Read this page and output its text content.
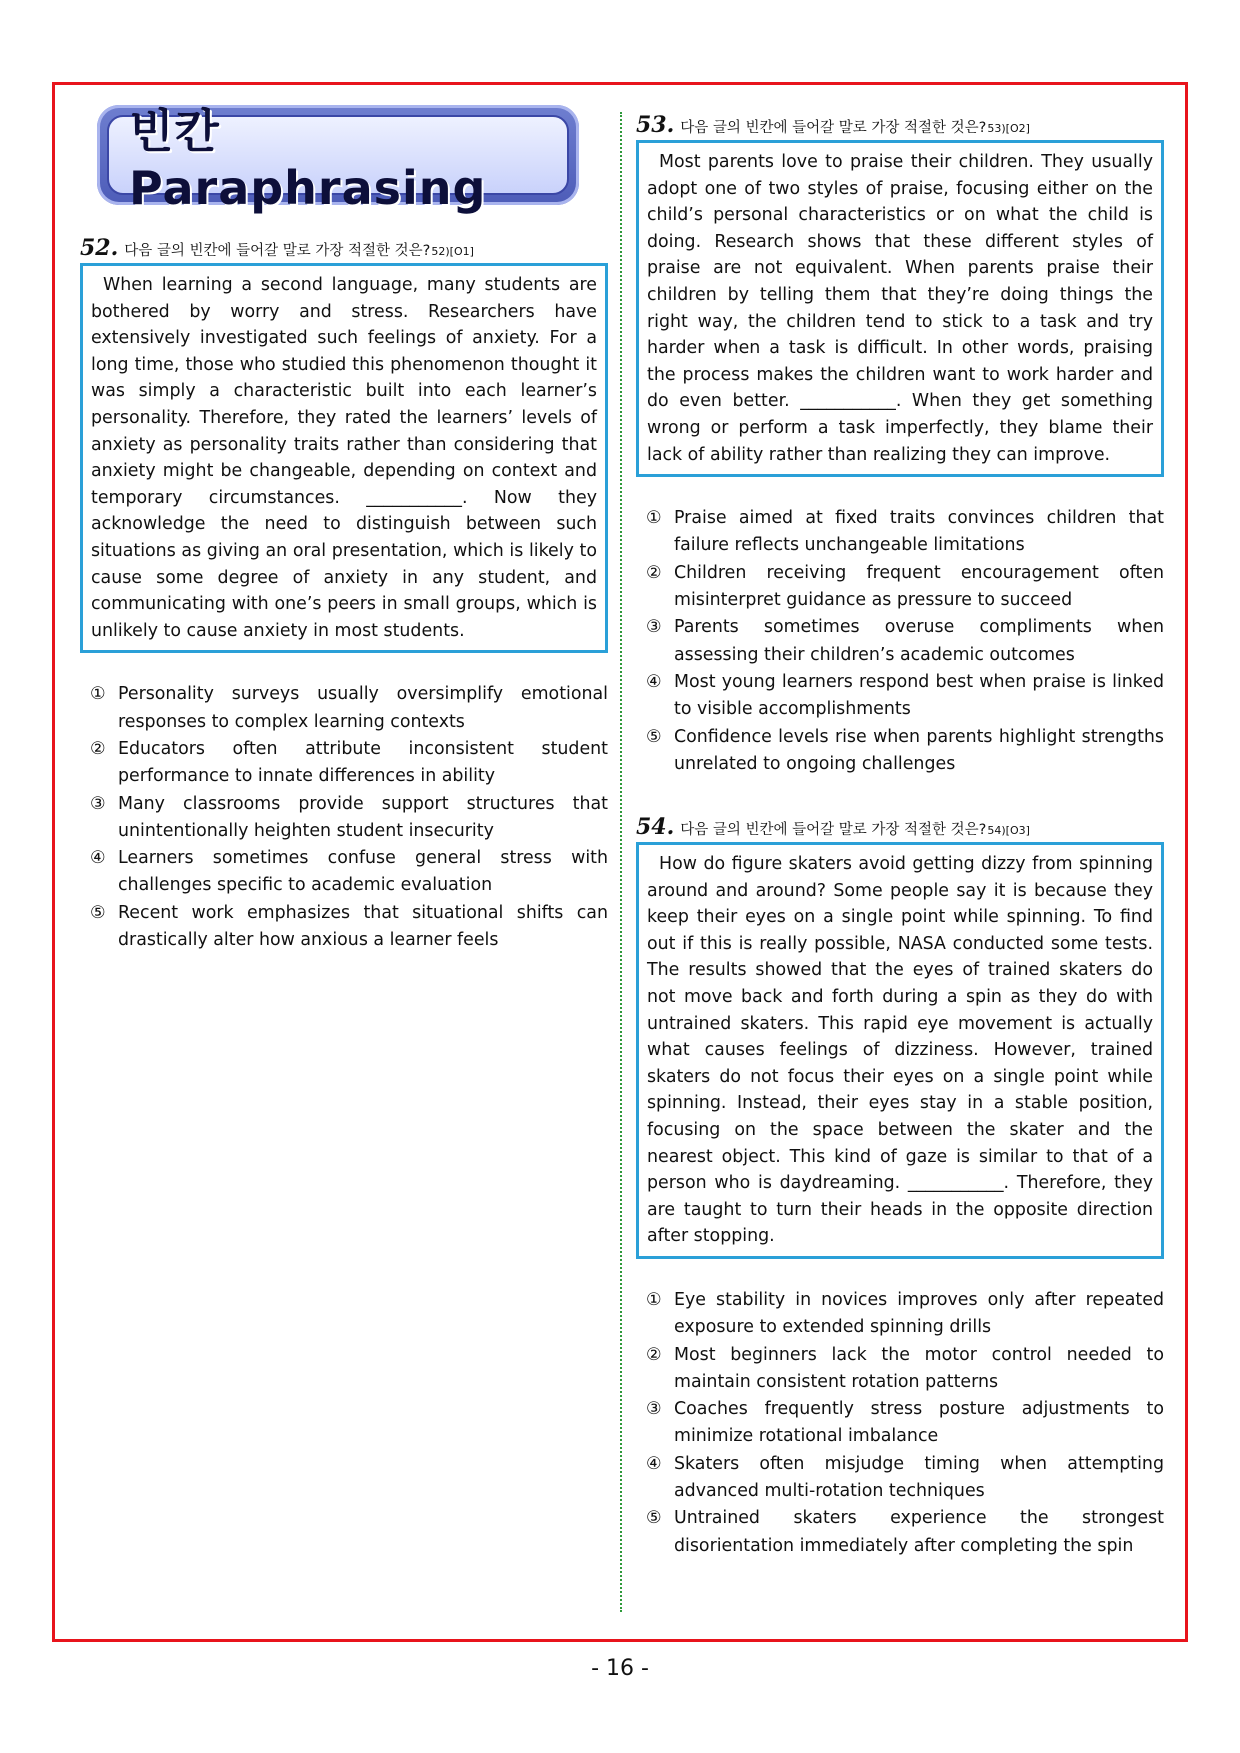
빈칸 Paraphrasing
52. 다음 글의 빈칸에 들어갈 말로 가장 적절한 것은? 52)[O1]

When learning a second language, many students are bothered by worry and stress. Researchers have extensively investigated such feelings of anxiety. For a long time, those who studied this phenomenon thought it was simply a characteristic built into each learner’s personality. Therefore, they rated the learners’ levels of anxiety as personality traits rather than considering that anxiety might be changeable, depending on context and temporary circumstances. ___________. Now they acknowledge the need to distinguish between such situations as giving an oral presentation, which is likely to cause some degree of anxiety in any student, and communicating with one’s peers in small groups, which is unlikely to cause anxiety in most students.

① Personality surveys usually oversimplify emotional responses to complex learning contexts
② Educators often attribute inconsistent student performance to innate differences in ability
③ Many classrooms provide support structures that unintentionally heighten student insecurity
④ Learners sometimes confuse general stress with challenges specific to academic evaluation
⑤ Recent work emphasizes that situational shifts can drastically alter how anxious a learner feels
53. 다음 글의 빈칸에 들어갈 말로 가장 적절한 것은? 53)[O2]

Most parents love to praise their children. They usually adopt one of two styles of praise, focusing either on the child’s personal characteristics or on what the child is doing. Research shows that these different styles of praise are not equivalent. When parents praise their children by telling them that they’re doing things the right way, the children tend to stick to a task and try harder when a task is difficult. In other words, praising the process makes the children want to work harder and do even better. ___________. When they get something wrong or perform a task imperfectly, they blame their lack of ability rather than realizing they can improve.

① Praise aimed at fixed traits convinces children that failure reflects unchangeable limitations
② Children receiving frequent encouragement often misinterpret guidance as pressure to succeed
③ Parents sometimes overuse compliments when assessing their children’s academic outcomes
④ Most young learners respond best when praise is linked to visible accomplishments
⑤ Confidence levels rise when parents highlight strengths unrelated to ongoing challenges
54. 다음 글의 빈칸에 들어갈 말로 가장 적절한 것은? 54)[O3]

How do figure skaters avoid getting dizzy from spinning around and around? Some people say it is because they keep their eyes on a single point while spinning. To find out if this is really possible, NASA conducted some tests. The results showed that the eyes of trained skaters do not move back and forth during a spin as they do with untrained skaters. This rapid eye movement is actually what causes feelings of dizziness. However, trained skaters do not focus their eyes on a single point while spinning. Instead, their eyes stay in a stable position, focusing on the space between the skater and the nearest object. This kind of gaze is similar to that of a person who is daydreaming. ___________. Therefore, they are taught to turn their heads in the opposite direction after stopping.

① Eye stability in novices improves only after repeated exposure to extended spinning drills
② Most beginners lack the motor control needed to maintain consistent rotation patterns
③ Coaches frequently stress posture adjustments to minimize rotational imbalance
④ Skaters often misjudge timing when attempting advanced multi-rotation techniques
⑤ Untrained skaters experience the strongest disorientation immediately after completing the spin
- 16 -
